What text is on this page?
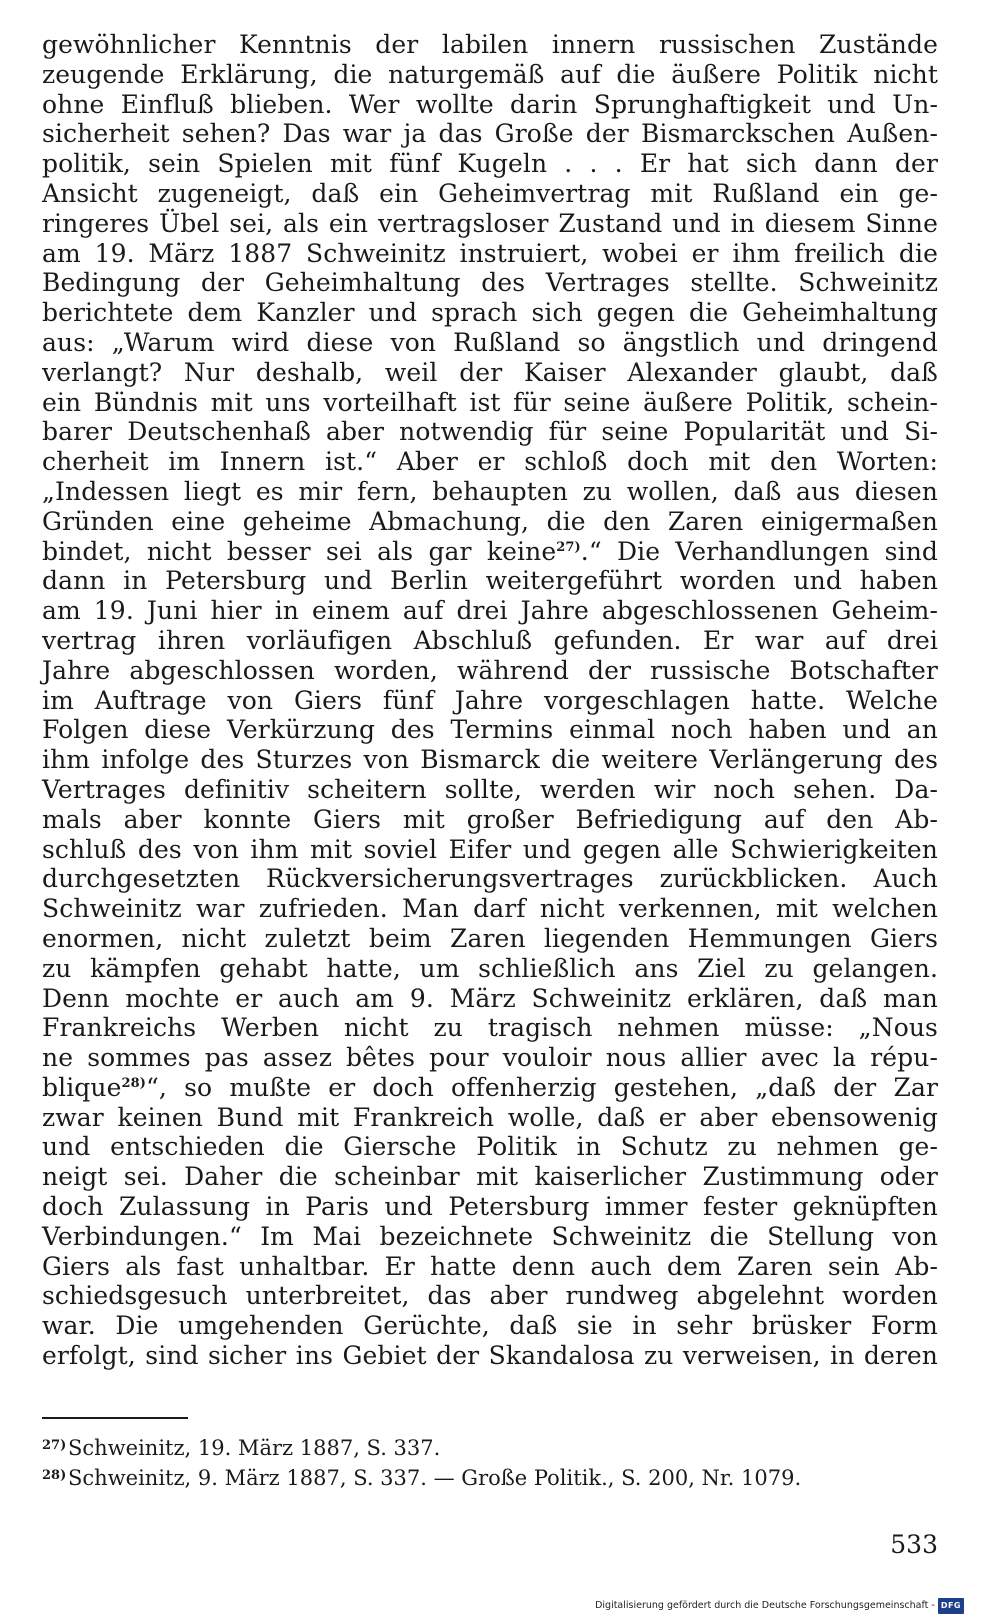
gewöhnlicher Kenntnis der labilen innern russischen Zustände
zeugende Erklärung, die naturgemäß auf die äußere Politik nicht
ohne Einfluß blieben. Wer wollte darin Sprunghaftigkeit und Un-
sicherheit sehen? Das war ja das Große der Bismarckschen Außen-
politik, sein Spielen mit fünf Kugeln . . . Er hat sich dann der
Ansicht zugeneigt, daß ein Geheimvertrag mit Rußland ein ge-
ringeres Übel sei, als ein vertragsloser Zustand und in diesem Sinne
am 19. März 1887 Schweinitz instruiert, wobei er ihm freilich die
Bedingung der Geheimhaltung des Vertrages stellte. Schweinitz
berichtete dem Kanzler und sprach sich gegen die Geheimhaltung
aus: „Warum wird diese von Rußland so ängstlich und dringend
verlangt? Nur deshalb, weil der Kaiser Alexander glaubt, daß
ein Bündnis mit uns vorteilhaft ist für seine äußere Politik, schein-
barer Deutschenhaß aber notwendig für seine Popularität und Si-
cherheit im Innern ist.“ Aber er schloß doch mit den Worten:
„Indessen liegt es mir fern, behaupten zu wollen, daß aus diesen
Gründen eine geheime Abmachung, die den Zaren einigermaßen
bindet, nicht besser sei als gar keine$^{27)}$.“ Die Verhandlungen sind
dann in Petersburg und Berlin weitergeführt worden und haben
am 19. Juni hier in einem auf drei Jahre abgeschlossenen Geheim-
vertrag ihren vorläufigen Abschluß gefunden. Er war auf drei
Jahre abgeschlossen worden, während der russische Botschafter
im Auftrage von Giers fünf Jahre vorgeschlagen hatte. Welche
Folgen diese Verkürzung des Termins einmal noch haben und an
ihm infolge des Sturzes von Bismarck die weitere Verlängerung des
Vertrages definitiv scheitern sollte, werden wir noch sehen. Da-
mals aber konnte Giers mit großer Befriedigung auf den Ab-
schluß des von ihm mit soviel Eifer und gegen alle Schwierigkeiten
durchgesetzten Rückversicherungsvertrages zurückblicken. Auch
Schweinitz war zufrieden. Man darf nicht verkennen, mit welchen
enormen, nicht zuletzt beim Zaren liegenden Hemmungen Giers
zu kämpfen gehabt hatte, um schließlich ans Ziel zu gelangen.
Denn mochte er auch am 9. März Schweinitz erklären, daß man
Frankreichs Werben nicht zu tragisch nehmen müsse: „Nous
ne sommes pas assez bêtes pour vouloir nous allier avec la répu-
blique$^{28)}$“, so mußte er doch offenherzig gestehen, „daß der Zar
zwar keinen Bund mit Frankreich wolle, daß er aber ebensowenig
und entschieden die Giersche Politik in Schutz zu nehmen ge-
neigt sei. Daher die scheinbar mit kaiserlicher Zustimmung oder
doch Zulassung in Paris und Petersburg immer fester geknüpften
Verbindungen.“ Im Mai bezeichnete Schweinitz die Stellung von
Giers als fast unhaltbar. Er hatte denn auch dem Zaren sein Ab-
schiedsgesuch unterbreitet, das aber rundweg abgelehnt worden
war. Die umgehenden Gerüchte, daß sie in sehr brüsker Form
erfolgt, sind sicher ins Gebiet der Skandalosa zu verweisen, in deren
27)Schweinitz, 19. März 1887, S. 337.
28)Schweinitz, 9. März 1887, S. 337. — Große Politik., S. 200, Nr. 1079.
533
Digitalisierung gefördert durch die Deutsche Forschungsgemeinschaft - DFG
